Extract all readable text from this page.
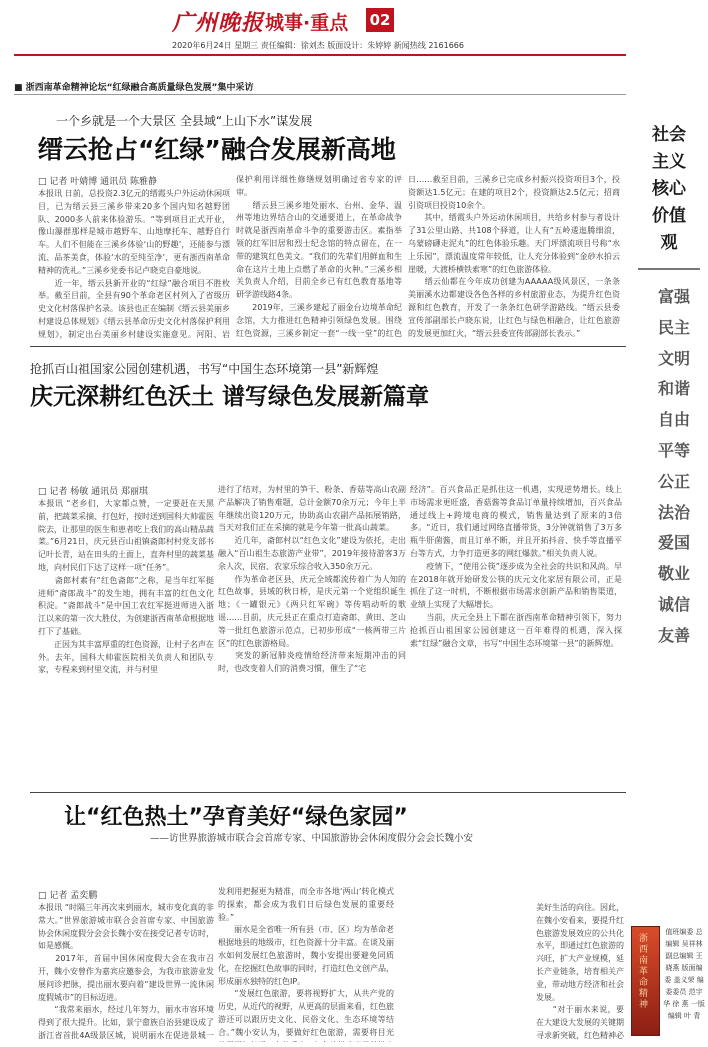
广州晚报 城事·重点 02
2020年6月24日 星期三 责任编辑：徐刘杰 版面设计：朱婷婷 新闻热线 2161666
■ 浙西南革命精神论坛“红绿融合高质量绿色发展”集中采访
一个乡就是一个大景区 全县域“上山下水”谋发展
缙云抢占“红绿”融合发展新高地
□ 记者 叶婧博 通讯员 陈雅静
本报讯 日前，总投资2.3亿元的缙霞头户外运动休闲项目，已为缙云县三溪乡带来20多个国内知名越野团队、2000多人前来体验游乐。“等到项目正式开业，像山瀑群那样是城市越野车、山地摩托车、越野自行车。人们不但能在三溪乡体验‘山的野趣’，还能参与漂流、品茶美食，体验‘水的至纯至净’，更有浙西南革命精神的洗礼。”三溪乡党委书记卢晓克自豪地说。
　　近一年，缙云县新开业的“红绿”融合项目不胜枚举。截至目前，全县有90个革命老区村列入了省级历史文化村落保护名录。该县也正在编制《缙云县美丽乡村建设总体规划》《缙云县革命历史文化村落保护利用规划》，制定出台美丽乡村建设实施意见。河阳、岩
保护利用详细性修缮规划明确过省专家的评审。
　　缙云县三溪乡地处丽水、台州、金华、温州等地边界结合山的交通要道上，在革命战争时就是浙西南革命斗争的重要游击区。素指举领的红军旧居和烈士纪念馆的特点留在，在一带的建筑红色美文。“我们的先辈们用鲜血和生命在这片土地上点燃了革命的火种。”三溪乡相关负责人介绍，目前全乡已有红色教育基地等研学游线路4条。
　　2019年，三溪乡建起了丽金台边境革命纪念馆，大力推进红色精神引领绿色发展。围绕红色资源，三溪乡制定一套“一线一堂”的红色

日……截至目前，三溪乡已完成乡村振兴投资项目3个，投资额达1.5亿元；在建的项目2个，投资额达2.5亿元；招商引资项目投资10余个。
　　其中，缙霞头户外运动休闲项目，共给乡村参与者设计了31公里山路、共108个驿道，让人有“五岭逶迤腾细浪，乌蒙磅礴走泥丸”的红色体验乐趣。天门坪漂流项目号称“水上乐园”，漂流温度常年较低，让人充分体验到“金砂水拍云崖暖，大渡桥横铁索寒”的红色旅游体验。
　　缙云仙都在今年成功创建为AAAAA级风景区，一条条美丽溪水边都建设各色各样的乡村旅游业态，为提升红色资源和红色教育，开发了一条条红色研学游路线。“缙云县委宣传部副部长卢晓东说，让红色与绿色相融合，让红色旅游的发展更加红火，“缙云县委宣传部副部长表示。”
抢抓百山祖国家公园创建机遇，书写“中国生态环境第一县”新辉煌
庆元深耕红色沃土 谱写绿色发展新篇章
□ 记者 杨敏 通讯员 郑丽琪
本报讯 “老乡们，大家都点赞，一定要赶在天黑前，把蔬菜采摘、打包好，按时送到国科大帅霍医院去，让那里的医生和患者吃上我们的高山精品蔬菜。”6月21日，庆元县百山祖镇斋郎村村党支部书记叶长青，站在田头的土面上，直奔村里的蔬菜基地，向村民们下达了这样一项“任务”。
　　斋郎村素有“红色斋郎”之称，是当年红军挺进师“斋郎战斗”的发生地，拥有丰富的红色文化积淀。“斋郎战斗”是中国工农红军挺进师进入浙江以来的第一次大胜仗，为创建浙西南革命根据地打下了基础。
　　正因为其丰富厚重的红色资源，让村子名声在外。去年，国科大帅霍医院相关负责人和团队专家，专程来到村里交流，并与村里
进行了结对，为村里的笋干、粉条、香菇等高山农副产品解决了销售难题，总计金额70余万元；今年上半年继续出资120万元，协助高山农副产品拓展销路，当天对我们正在采摘的就是今年第一批高山蔬菜。
　　近几年，斋郎村以“红色文化”建设为依托，走出融入“百山祖生态旅游产业带”，2019年接待游客3万余人次，民宿、农家乐综合收入350余万元。
　　作为革命老区县，庆元全域都流传着广为人知的红色故事，县域的秋日桥，是庆元第一个党组织诞生地；《一罐银元》《两只红军碗》等传唱动听的歌谣……目前，庆元县正在重点打造斋郎、黄田、芝山等一批红色旅游示范点，已初步形成“一核两带三片区”的红色旅游格局。
　　突发的新冠肺炎疫情给经济带来短期冲击的同时，也改变着人们的消费习惯，催生了“宅
经济”。百兴食品正是抓住这一机遇，实现逆势增长。线上市场需求更旺盛，香菇酱等食品订单量持续增加，百兴食品通过线上+跨境电商的模式，销售量达到了原来的3倍多。“近日，我们通过网络直播带货，3分钟就销售了3万多瓶牛肝菌酱，而且订单不断，并且开拓抖音、快手等直播平台等方式，力争打造更多的网红爆款。”相关负责人说。
　　疫情下，“使用公筷”逐步成为全社会的共识和风尚。早在2018年就开始研发公筷的庆元文化家居有限公司，正是抓住了这一时机，不断根据市场需求创新产品和销售渠道，业绩上实现了大幅增长。
　　当前，庆元全县上下都在浙西南革命精神引领下，努力抢抓百山祖国家公园创建这一百年难得的机遇，深入探索“红绿”融合文章，书写“中国生态环境第一县”的新辉煌。
让“红色热土”孕育美好“绿色家园”
——访世界旅游城市联合会首席专家、中国旅游协会休闲度假分会会长魏小安
□ 记者 孟奕鹏
本报讯 “时隔三年再次来到丽水，城市变化真的非常大。”世界旅游城市联合会首席专家、中国旅游协会休闲度假分会会长魏小安在接受记者专访时，如是感慨。
　　2017年，首届中国休闲度假大会在我市召开，魏小安曾作为嘉宾应邀参会，为我市旅游业发展问诊把脉，提出丽水要向着“建设世界一流休闲度假城市”的目标迈进。
　　“我常来丽水，经过几年努力，丽水市容环境得到了很大提升。比如，景宁畲族自治县建设成了浙江省首批4A级景区城，说明丽水在促进景城一

发利用把握更为精准，而全市各地‘两山’转化模式的探索，都会成为我们日后绿色发展的重要经验。”
　　丽水是全省唯一所有县（市、区）均为革命老根据地县的地级市，红色资源十分丰富。在谈及丽水如何发展红色旅游时，魏小安提出要避免同质化，在挖掘红色故事的同时，打造红色文创产品，形成丽水独特的红色IP。
　　“发展红色旅游，要将视野扩大，从共产党的历史，从近代的视野，从更高的层面来看，红色旅游还可以跟历史文化、民俗文化、生态环境等结合。”魏小安认为，要做好红色旅游，需要将目光

美好生活的向往。因此，在魏小安看来，要提升红色旅游发展效应的公共化水平，即通过红色旅游的兴旺，扩大产业规模，延长产业链条，培育相关产业，带动地方经济和社会发展。
　　“对于丽水来说，要在大建设大发展的关键期寻求新突破，红色精神必
社会主义核心价值观
富强
民主
文明
和谐
自由
平等
公正
法治
爱国
敬业
诚信
友善
浙西南革命精神
值班编委 总编辑 吴祥林 副总编辑 王晓燕 版面编委 盖义荣 编委委员 范宇华 徐 燕 一版编辑 叶 青
